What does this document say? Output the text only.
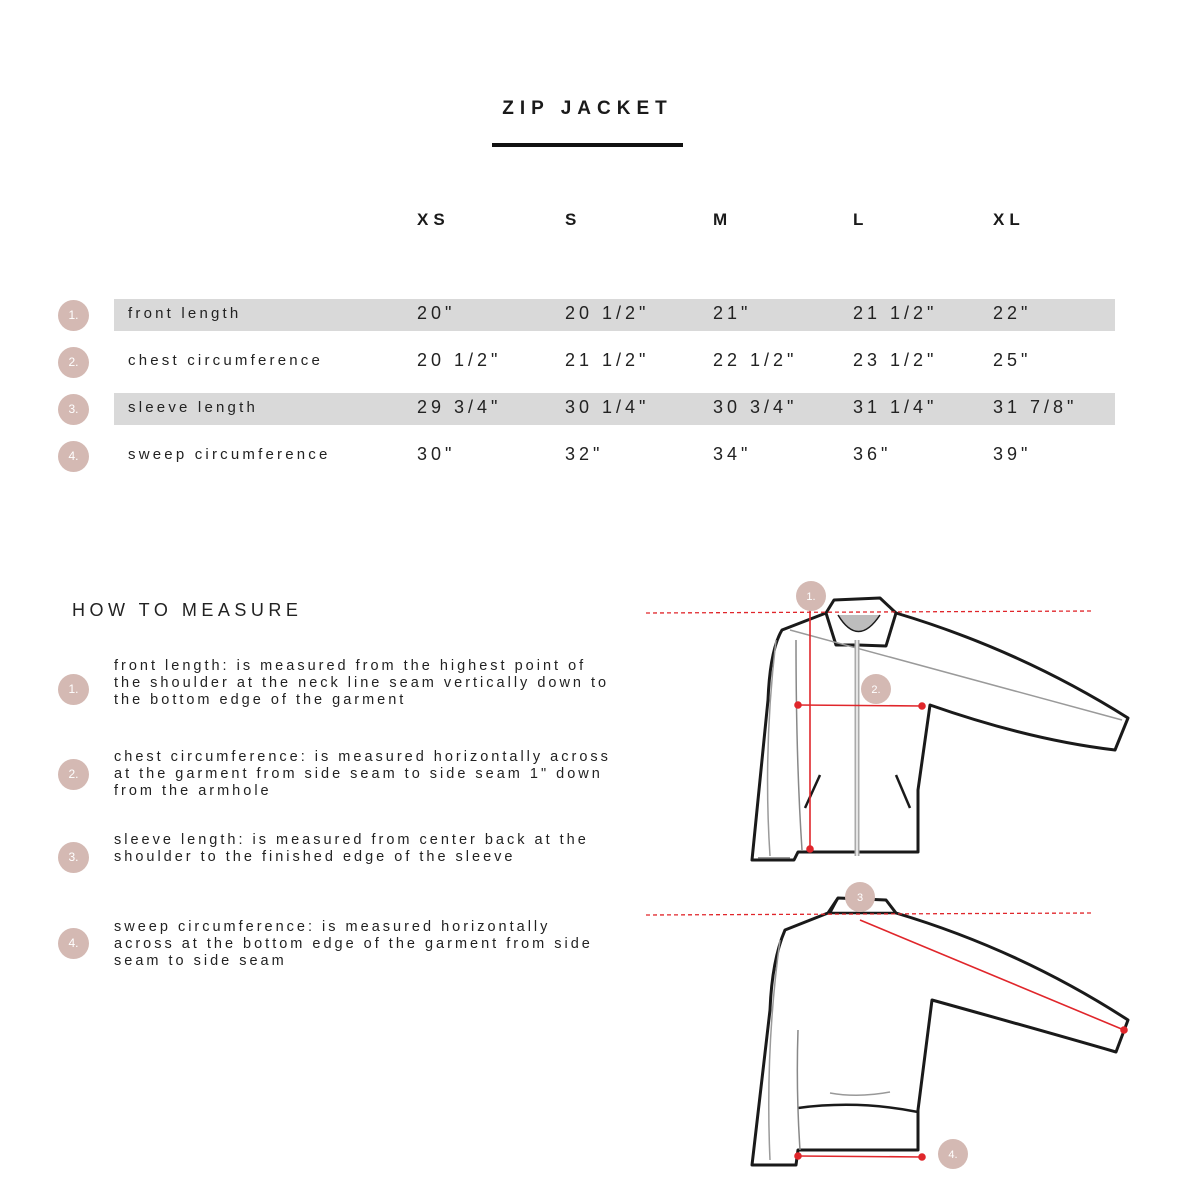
ZIP JACKET
XS	S	M	L	XL
1.	front length	20"	20 1/2"	21"	21 1/2"	22"
2.	chest circumference	20 1/2"	21 1/2"	22 1/2"	23 1/2"	25"
3.	sleeve length	29 3/4"	30 1/4"	30 3/4"	31 1/4"	31 7/8"
4.	sweep circumference	30"	32"	34"	36"	39"
HOW TO MEASURE
1.
front length: is measured from the highest point of the shoulder at the neck line seam vertically down to the bottom edge of the garment
2.
chest circumference: is measured horizontally across at the garment from side seam to side seam 1" down from the armhole
3.
sleeve length: is measured from center back at the shoulder to the finished edge of the sleeve
4.
sweep circumference: is measured horizontally across at the bottom edge of the garment from side seam to side seam
1.
2.
3
4.
